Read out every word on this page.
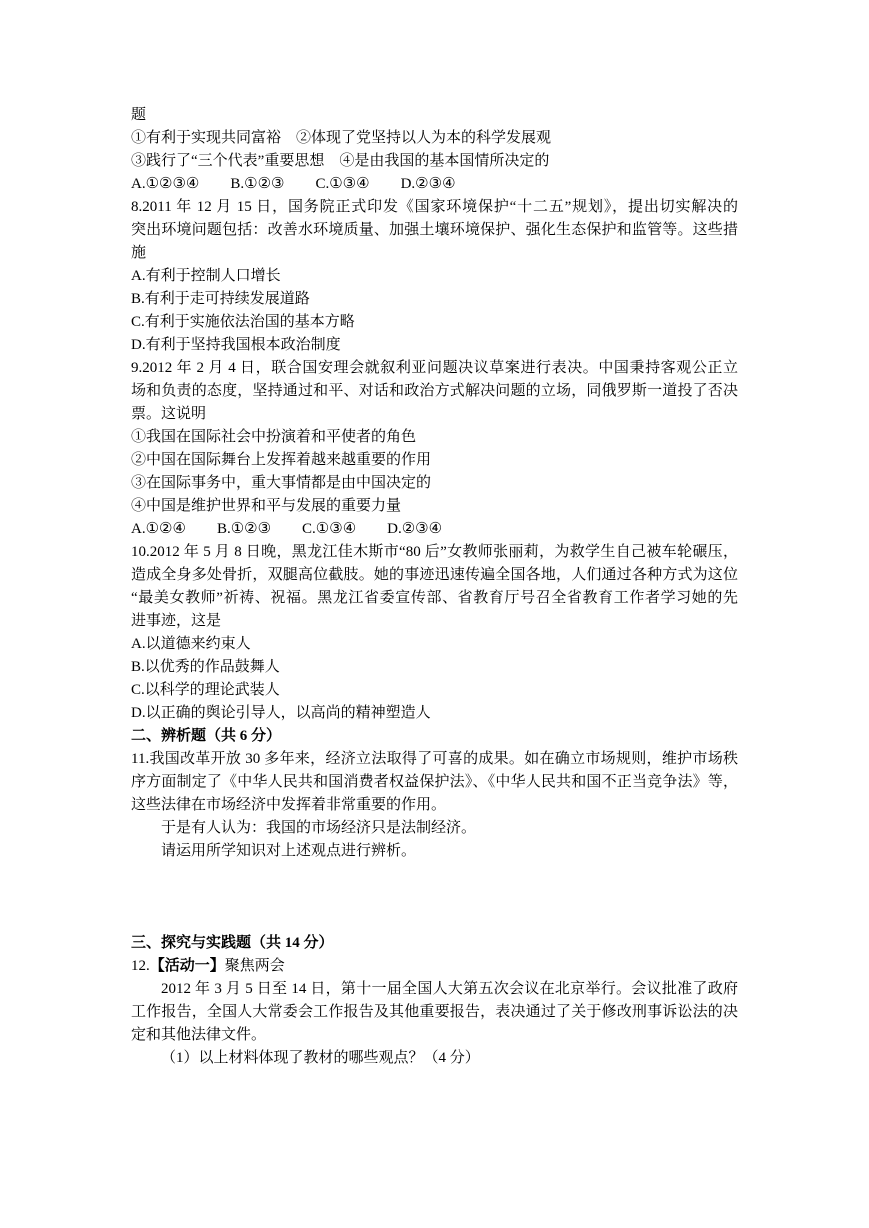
题
①有利于实现共同富裕　②体现了党坚持以人为本的科学发展观
③践行了“三个代表”重要思想　④是由我国的基本国情所决定的
A.①②③④ B.①②③ C.①③④ D.②③④
8.2011 年 12 月 15 日，国务院正式印发《国家环境保护“十二五”规划》，提出切实解决的
突出环境问题包括：改善水环境质量、加强土壤环境保护、强化生态保护和监管等。这些措
施
A.有利于控制人口增长
B.有利于走可持续发展道路
C.有利于实施依法治国的基本方略
D.有利于坚持我国根本政治制度
9.2012 年 2 月 4 日，联合国安理会就叙利亚问题决议草案进行表决。中国秉持客观公正立
场和负责的态度，坚持通过和平、对话和政治方式解决问题的立场，同俄罗斯一道投了否决
票。这说明
①我国在国际社会中扮演着和平使者的角色
②中国在国际舞台上发挥着越来越重要的作用
③在国际事务中，重大事情都是由中国决定的
④中国是维护世界和平与发展的重要力量
A.①②④ B.①②③ C.①③④ D.②③④
10.2012 年 5 月 8 日晚，黑龙江佳木斯市“80 后”女教师张丽莉，为救学生自己被车轮碾压，
造成全身多处骨折，双腿高位截肢。她的事迹迅速传遍全国各地，人们通过各种方式为这位
“最美女教师”祈祷、祝福。黑龙江省委宣传部、省教育厅号召全省教育工作者学习她的先
进事迹，这是
A.以道德来约束人
B.以优秀的作品鼓舞人
C.以科学的理论武装人
D.以正确的舆论引导人，以高尚的精神塑造人
二、辨析题（共 6 分）
11.我国改革开放 30 多年来，经济立法取得了可喜的成果。如在确立市场规则，维护市场秩
序方面制定了《中华人民共和国消费者权益保护法》、《中华人民共和国不正当竞争法》等，
这些法律在市场经济中发挥着非常重要的作用。
于是有人认为：我国的市场经济只是法制经济。
请运用所学知识对上述观点进行辨析。
三、探究与实践题（共 14 分）
12.【活动一】聚焦两会
2012 年 3 月 5 日至 14 日，第十一届全国人大第五次会议在北京举行。会议批准了政府
工作报告，全国人大常委会工作报告及其他重要报告，表决通过了关于修改刑事诉讼法的决
定和其他法律文件。
（1）以上材料体现了教材的哪些观点？（4 分）
